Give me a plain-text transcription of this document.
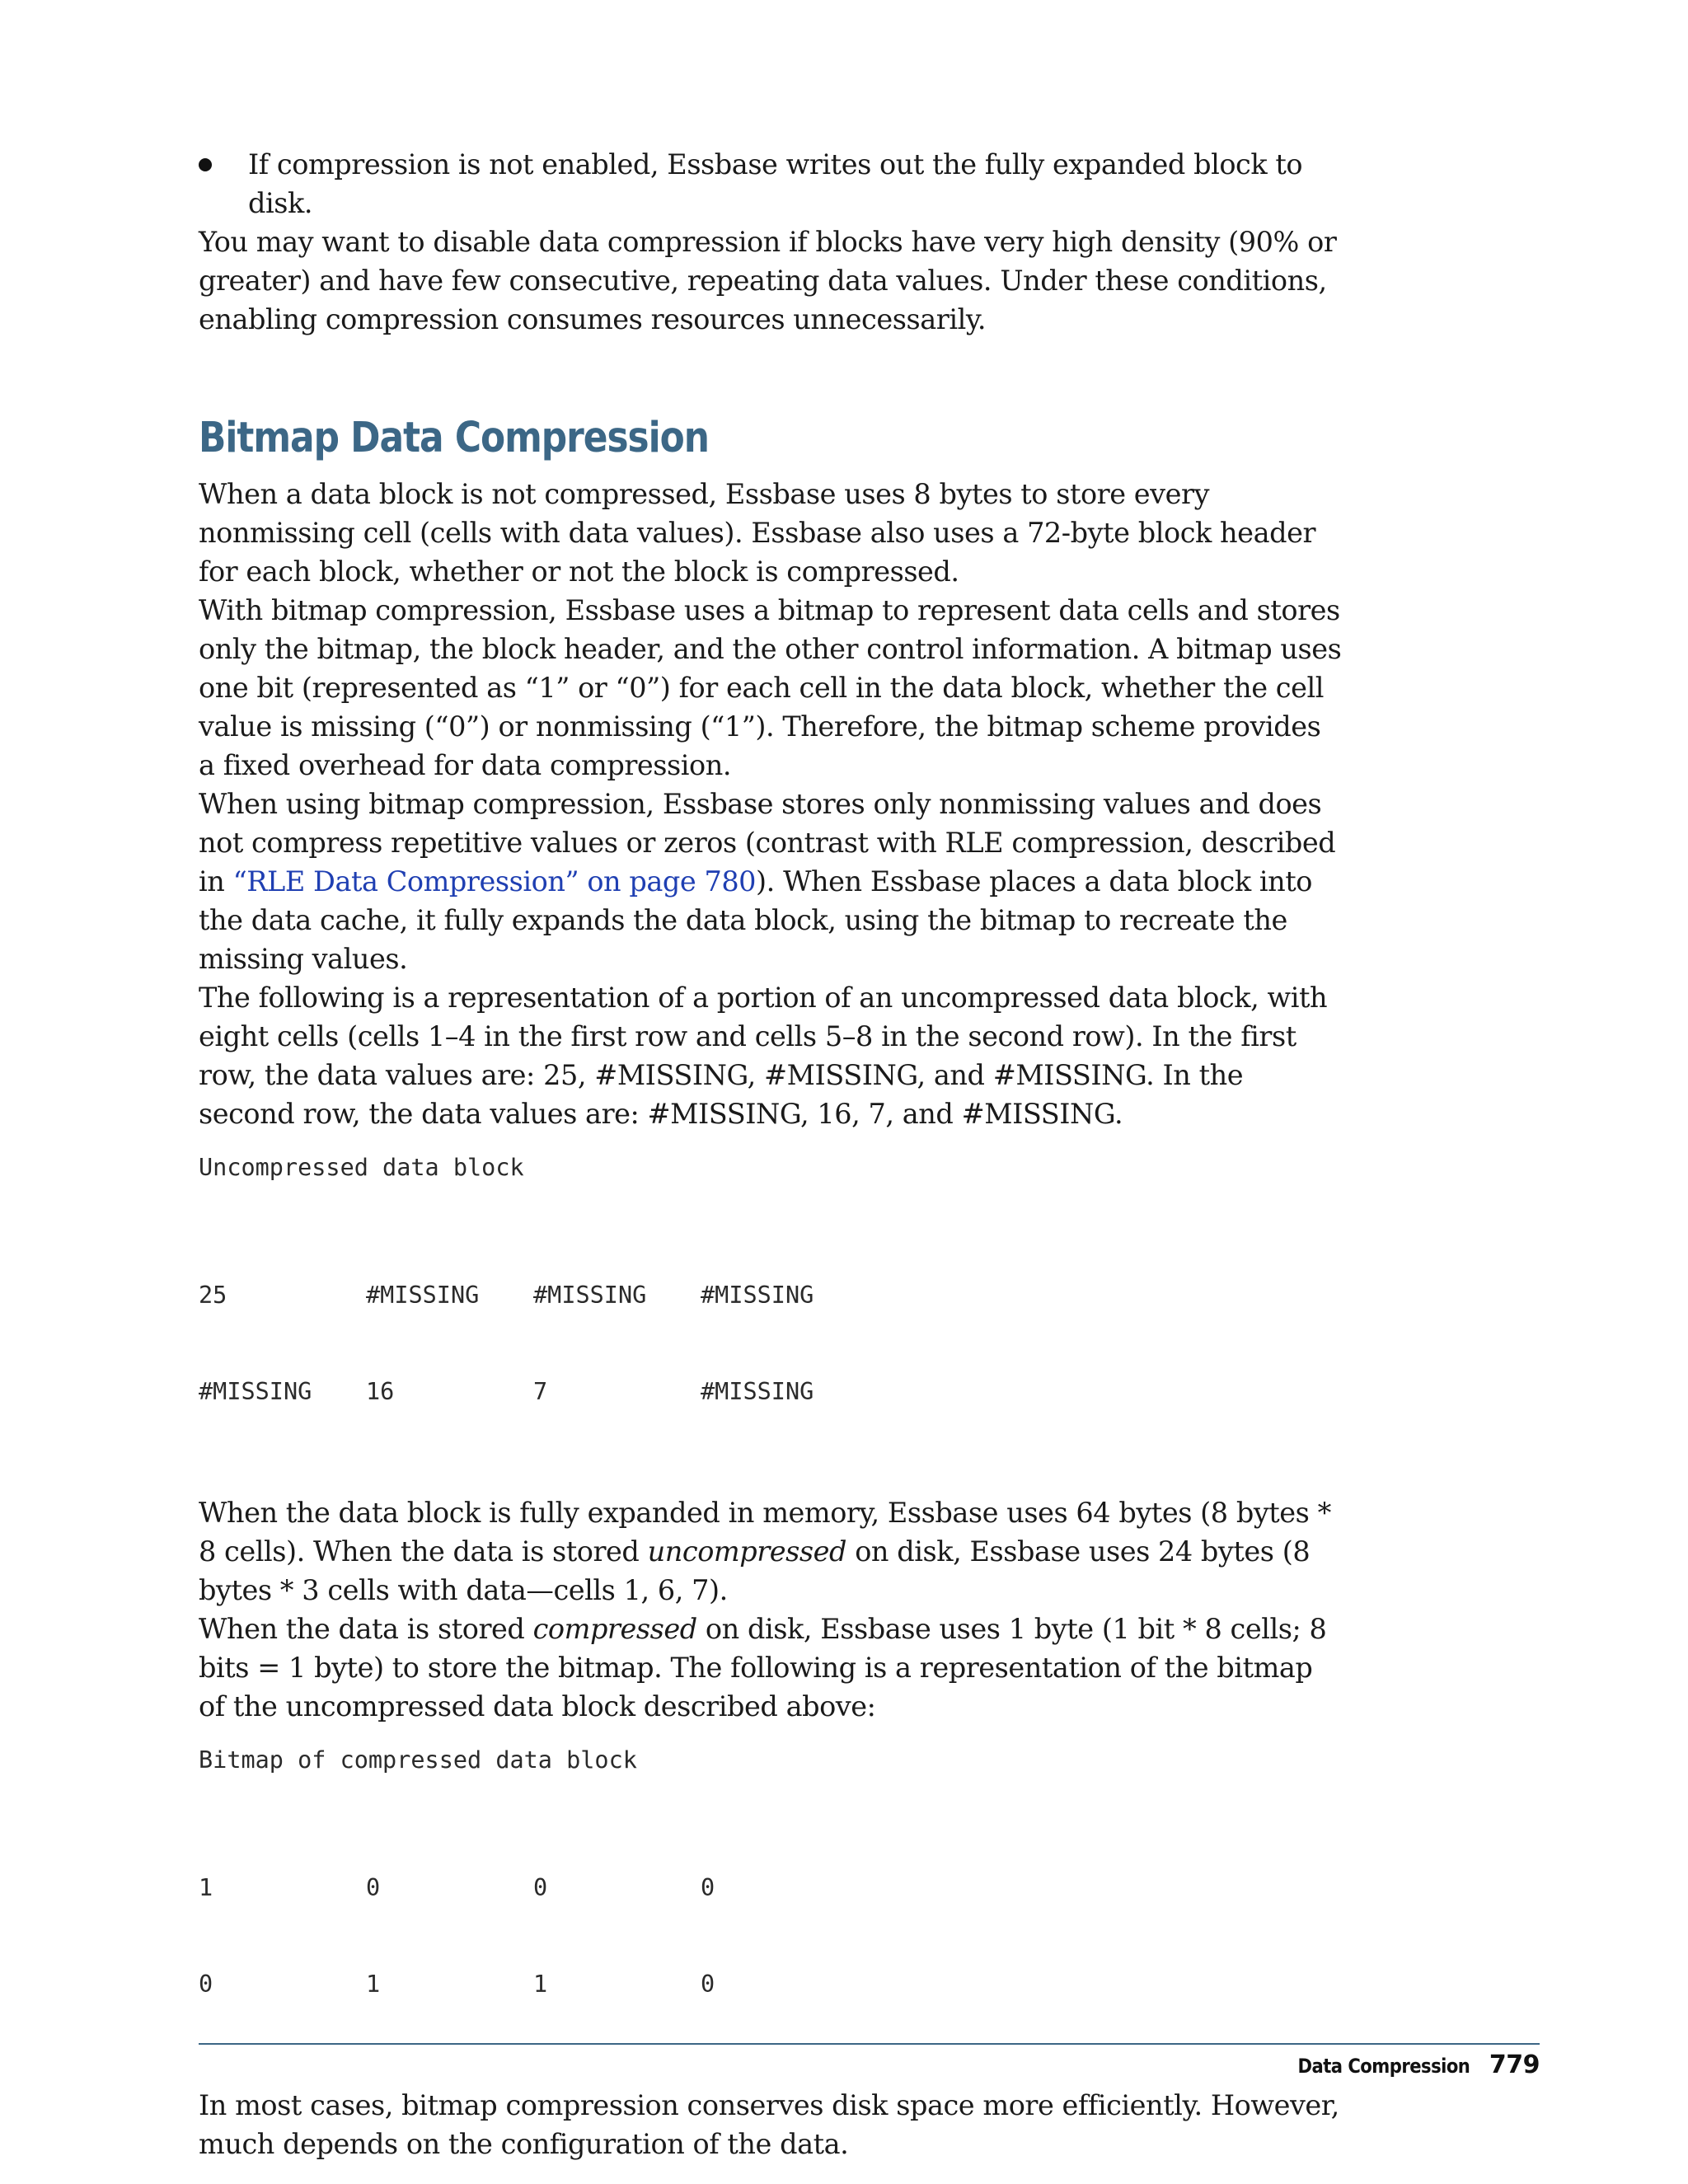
If compression is not enabled, Essbase writes out the fully expanded block to disk.

You may want to disable data compression if blocks have very high density (90% or greater) and have few consecutive, repeating data values. Under these conditions, enabling compression consumes resources unnecessarily.

Bitmap Data Compression

When a data block is not compressed, Essbase uses 8 bytes to store every nonmissing cell (cells with data values). Essbase also uses a 72-byte block header for each block, whether or not the block is compressed.

With bitmap compression, Essbase uses a bitmap to represent data cells and stores only the bitmap, the block header, and the other control information. A bitmap uses one bit (represented as “1” or “0”) for each cell in the data block, whether the cell value is missing (“0”) or nonmissing (“1”). Therefore, the bitmap scheme provides a fixed overhead for data compression.

When using bitmap compression, Essbase stores only nonmissing values and does not compress repetitive values or zeros (contrast with RLE compression, described in “RLE Data Compression” on page 780). When Essbase places a data block into the data cache, it fully expands the data block, using the bitmap to recreate the missing values.

The following is a representation of a portion of an uncompressed data block, with eight cells (cells 1–4 in the first row and cells 5–8 in the second row). In the first row, the data values are: 25, #MISSING, #MISSING, and #MISSING. In the second row, the data values are: #MISSING, 16, 7, and #MISSING.

Uncompressed data block

25	#MISSING	#MISSING	#MISSING

#MISSING	16	7	#MISSING

When the data block is fully expanded in memory, Essbase uses 64 bytes (8 bytes * 8 cells). When the data is stored uncompressed on disk, Essbase uses 24 bytes (8 bytes * 3 cells with data—cells 1, 6, 7).

When the data is stored compressed on disk, Essbase uses 1 byte (1 bit * 8 cells; 8 bits = 1 byte) to store the bitmap. The following is a representation of the bitmap of the uncompressed data block described above:

Bitmap of compressed data block

1	0	0	0

0	1	1	0

In most cases, bitmap compression conserves disk space more efficiently. However, much depends on the configuration of the data.

Data Compression 779
